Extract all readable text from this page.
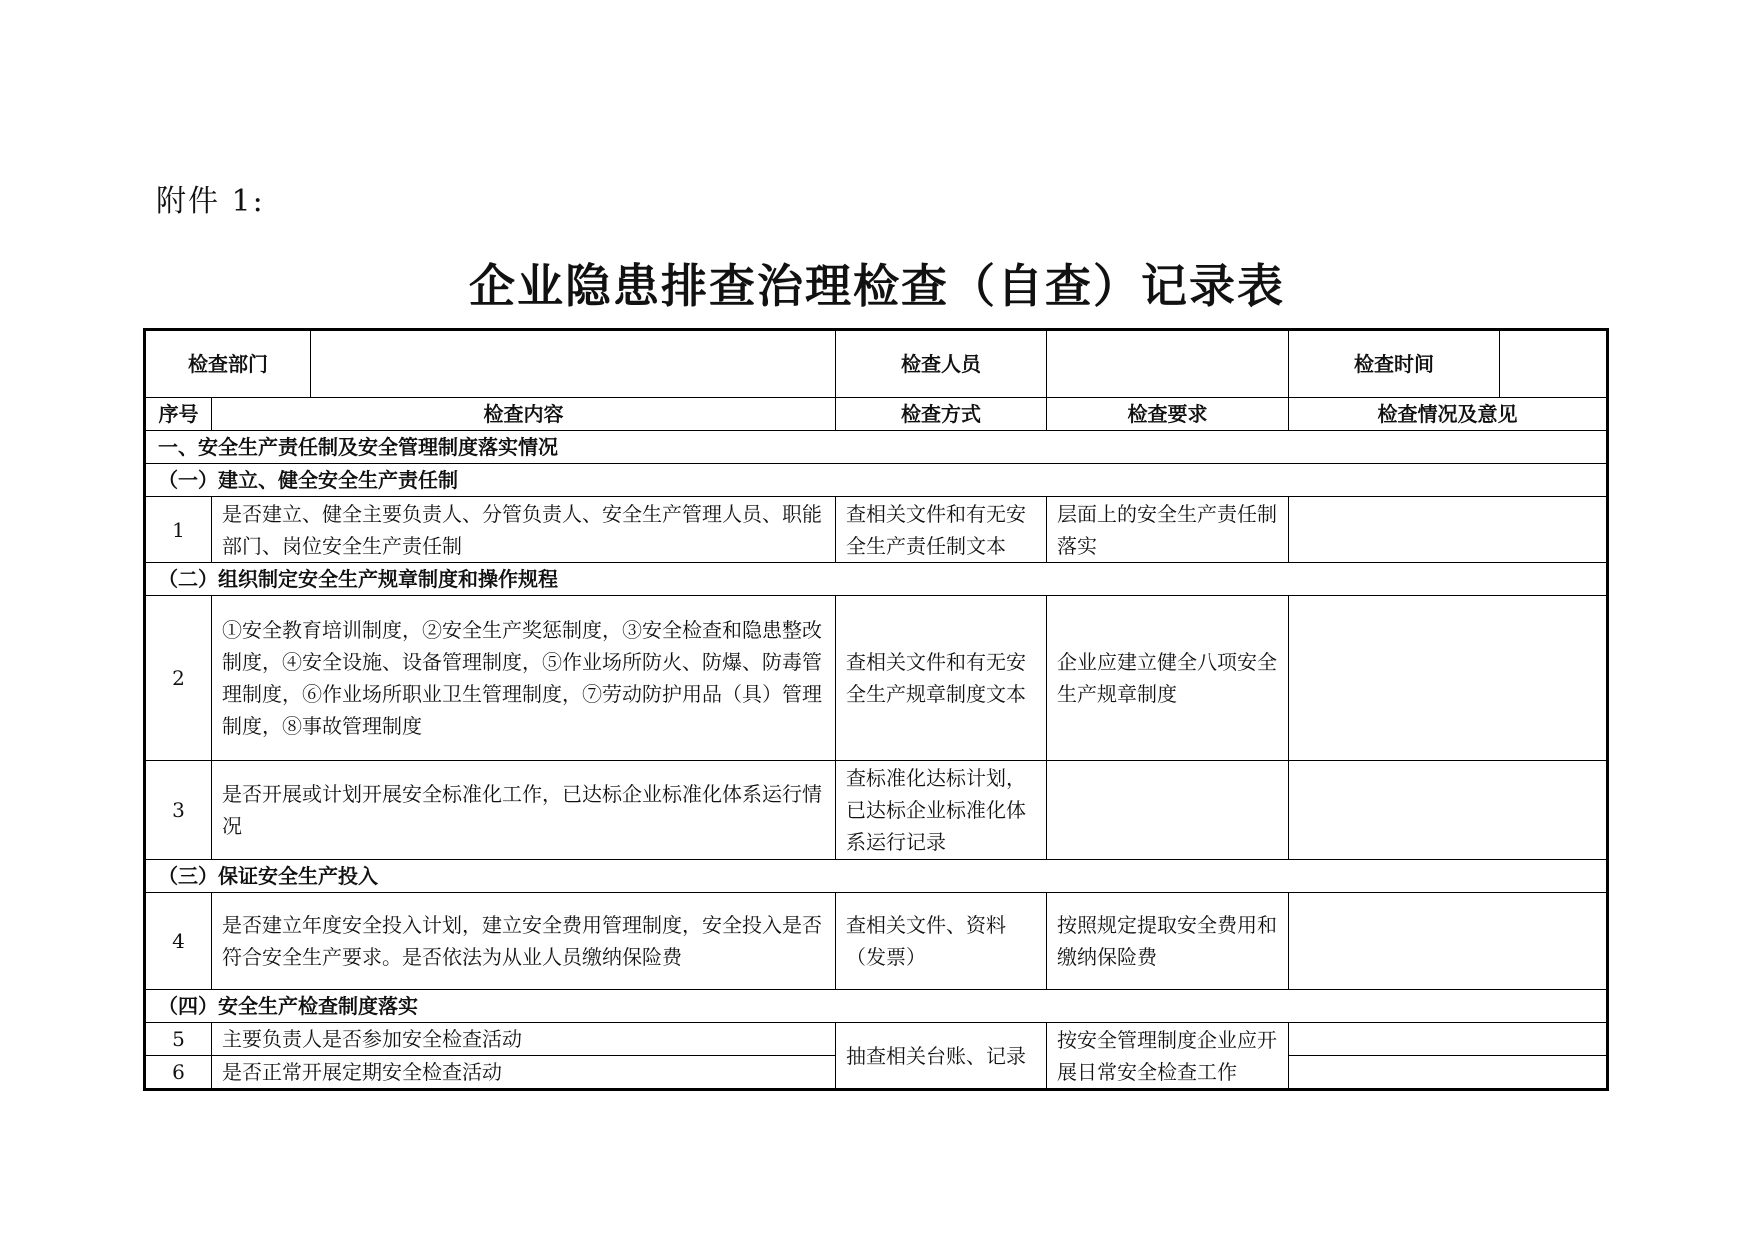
附件 1:
企业隐患排查治理检查（自查）记录表
检查部门			检查人员		检查时间

序号	检查内容		检查方式	检查要求	检查情况及意见
一、安全生产责任制及安全管理制度落实情况					
（一）建立、健全安全生产责任制					
1	是否建立、健全主要负责人、分管负责人、安全生产管理人员、职能部门、岗位安全生产责任制		查相关文件和有无安全生产责任制文本	层面上的安全生产责任制落实	
（二）组织制定安全生产规章制度和操作规程					
2	①安全教育培训制度，②安全生产奖惩制度，③安全检查和隐患整改制度，④安全设施、设备管理制度，⑤作业场所防火、防爆、防毒管理制度，⑥作业场所职业卫生管理制度，⑦劳动防护用品（具）管理制度，⑧事故管理制度		查相关文件和有无安全生产规章制度文本	企业应建立健全八项安全生产规章制度	
3	是否开展或计划开展安全标准化工作，已达标企业标准化体系运行情况		查标准化达标计划，已达标企业标准化体系运行记录		
（三）保证安全生产投入					
4	是否建立年度安全投入计划，建立安全费用管理制度，安全投入是否符合安全生产要求。是否依法为从业人员缴纳保险费		查相关文件、资料（发票）	按照规定提取安全费用和缴纳保险费	
（四）安全生产检查制度落实					
5	主要负责人是否参加安全检查活动		抽查相关台账、记录	按安全管理制度企业应开展日常安全检查工作	
6	是否正常开展定期安全检查活动				
